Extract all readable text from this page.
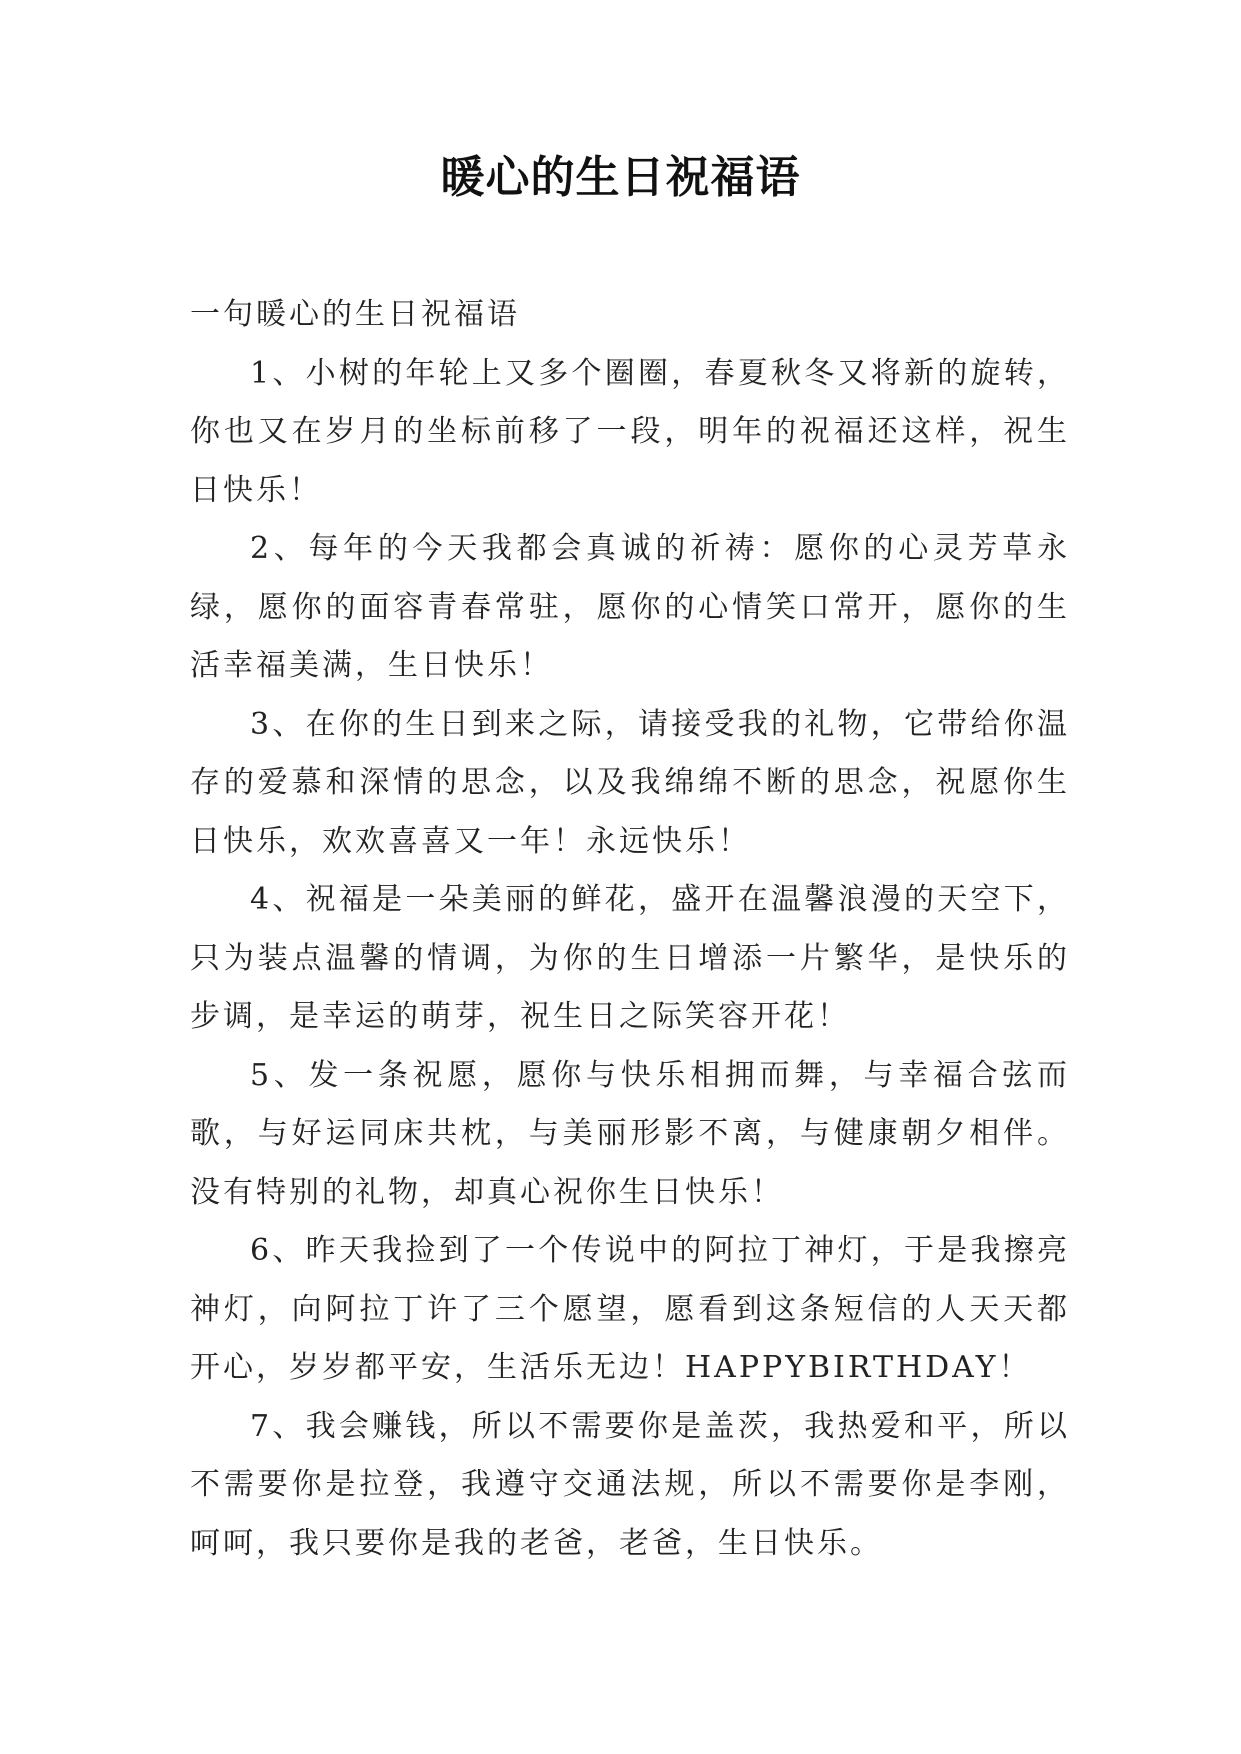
暖心的生日祝福语

一句暖心的生日祝福语

1、小树的年轮上又多个圈圈，春夏秋冬又将新的旋转，你也又在岁月的坐标前移了一段，明年的祝福还这样，祝生日快乐！

2、每年的今天我都会真诚的祈祷：愿你的心灵芳草永绿，愿你的面容青春常驻，愿你的心情笑口常开，愿你的生活幸福美满，生日快乐！

3、在你的生日到来之际，请接受我的礼物，它带给你温存的爱慕和深情的思念，以及我绵绵不断的思念，祝愿你生日快乐，欢欢喜喜又一年！永远快乐！

4、祝福是一朵美丽的鲜花，盛开在温馨浪漫的天空下，只为装点温馨的情调，为你的生日增添一片繁华，是快乐的步调，是幸运的萌芽，祝生日之际笑容开花！

5、发一条祝愿，愿你与快乐相拥而舞，与幸福合弦而歌，与好运同床共枕，与美丽形影不离，与健康朝夕相伴。没有特别的礼物，却真心祝你生日快乐！

6、昨天我捡到了一个传说中的阿拉丁神灯，于是我擦亮神灯，向阿拉丁许了三个愿望，愿看到这条短信的人天天都开心，岁岁都平安，生活乐无边！HAPPYBIRTHDAY！

7、我会赚钱，所以不需要你是盖茨，我热爱和平，所以不需要你是拉登，我遵守交通法规，所以不需要你是李刚，呵呵，我只要你是我的老爸，老爸，生日快乐。
